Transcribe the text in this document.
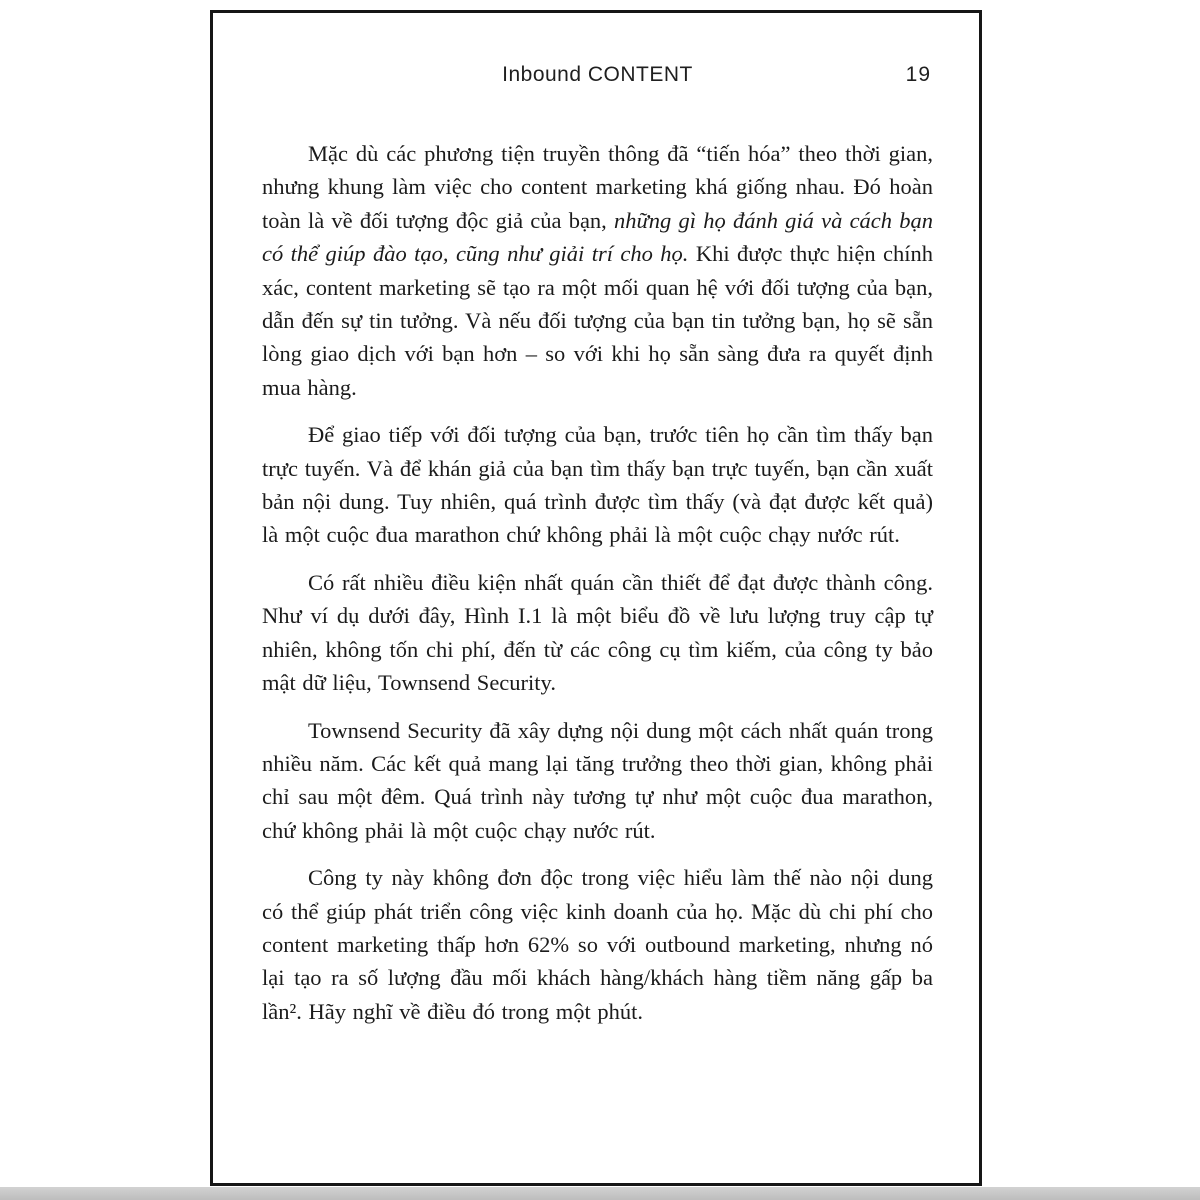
Inbound CONTENT	19

Mặc dù các phương tiện truyền thông đã “tiến hóa” theo thời gian, nhưng khung làm việc cho content marketing khá giống nhau. Đó hoàn toàn là về đối tượng độc giả của bạn, những gì họ đánh giá và cách bạn có thể giúp đào tạo, cũng như giải trí cho họ. Khi được thực hiện chính xác, content marketing sẽ tạo ra một mối quan hệ với đối tượng của bạn, dẫn đến sự tin tưởng. Và nếu đối tượng của bạn tin tưởng bạn, họ sẽ sẵn lòng giao dịch với bạn hơn – so với khi họ sẵn sàng đưa ra quyết định mua hàng.

Để giao tiếp với đối tượng của bạn, trước tiên họ cần tìm thấy bạn trực tuyến. Và để khán giả của bạn tìm thấy bạn trực tuyến, bạn cần xuất bản nội dung. Tuy nhiên, quá trình được tìm thấy (và đạt được kết quả) là một cuộc đua marathon chứ không phải là một cuộc chạy nước rút.

Có rất nhiều điều kiện nhất quán cần thiết để đạt được thành công. Như ví dụ dưới đây, Hình I.1 là một biểu đồ về lưu lượng truy cập tự nhiên, không tốn chi phí, đến từ các công cụ tìm kiếm, của công ty bảo mật dữ liệu, Townsend Security.

Townsend Security đã xây dựng nội dung một cách nhất quán trong nhiều năm. Các kết quả mang lại tăng trưởng theo thời gian, không phải chỉ sau một đêm. Quá trình này tương tự như một cuộc đua marathon, chứ không phải là một cuộc chạy nước rút.

Công ty này không đơn độc trong việc hiểu làm thế nào nội dung có thể giúp phát triển công việc kinh doanh của họ. Mặc dù chi phí cho content marketing thấp hơn 62% so với outbound marketing, nhưng nó lại tạo ra số lượng đầu mối khách hàng/khách hàng tiềm năng gấp ba lần². Hãy nghĩ về điều đó trong một phút.
